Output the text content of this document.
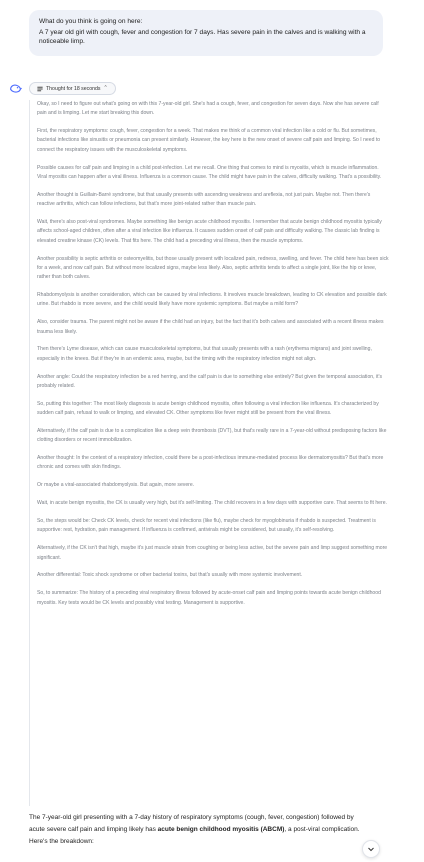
What do you think is going on here:

A 7 year old girl with cough, fever and congestion for 7 days. Has severe pain in the calves and is walking with a noticeable limp.

Thought for 18 seconds ⌃

Okay, so I need to figure out what's going on with this 7-year-old girl. She's had a cough, fever, and congestion for seven days. Now she has severe calf pain and is limping. Let me start breaking this down.

First, the respiratory symptoms: cough, fever, congestion for a week. That makes me think of a common viral infection like a cold or flu. But sometimes, bacterial infections like sinusitis or pneumonia can present similarly. However, the key here is the new onset of severe calf pain and limping. So I need to connect the respiratory issues with the musculoskeletal symptoms.

Possible causes for calf pain and limping in a child post-infection. Let me recall. One thing that comes to mind is myositis, which is muscle inflammation. Viral myositis can happen after a viral illness. Influenza is a common cause. The child might have pain in the calves, difficulty walking. That's a possibility.

Another thought is Guillain-Barré syndrome, but that usually presents with ascending weakness and areflexia, not just pain. Maybe not. Then there's reactive arthritis, which can follow infections, but that's more joint-related rather than muscle pain.

Wait, there's also post-viral syndromes. Maybe something like benign acute childhood myositis. I remember that acute benign childhood myositis typically affects school-aged children, often after a viral infection like influenza. It causes sudden onset of calf pain and difficulty walking. The classic lab finding is elevated creatine kinase (CK) levels. That fits here. The child had a preceding viral illness, then the muscle symptoms.

Another possibility is septic arthritis or osteomyelitis, but those usually present with localized pain, redness, swelling, and fever. The child here has been sick for a week, and now calf pain. But without more localized signs, maybe less likely. Also, septic arthritis tends to affect a single joint, like the hip or knee, rather than both calves.

Rhabdomyolysis is another consideration, which can be caused by viral infections. It involves muscle breakdown, leading to CK elevation and possible dark urine. But rhabdo is more severe, and the child would likely have more systemic symptoms. But maybe a mild form?

Also, consider trauma. The parent might not be aware if the child had an injury, but the fact that it's both calves and associated with a recent illness makes trauma less likely.

Then there's Lyme disease, which can cause musculoskeletal symptoms, but that usually presents with a rash (erythema migrans) and joint swelling, especially in the knees. But if they're in an endemic area, maybe, but the timing with the respiratory infection might not align.

Another angle: Could the respiratory infection be a red herring, and the calf pain is due to something else entirely? But given the temporal association, it's probably related.

So, putting this together: The most likely diagnosis is acute benign childhood myositis, often following a viral infection like influenza. It's characterized by sudden calf pain, refusal to walk or limping, and elevated CK. Other symptoms like fever might still be present from the viral illness.

Alternatively, if the calf pain is due to a complication like a deep vein thrombosis (DVT), but that's really rare in a 7-year-old without predisposing factors like clotting disorders or recent immobilization.

Another thought: In the context of a respiratory infection, could there be a post-infectious immune-mediated process like dermatomyositis? But that's more chronic and comes with skin findings.

Or maybe a viral-associated rhabdomyolysis. But again, more severe.

Wait, in acute benign myositis, the CK is usually very high, but it's self-limiting. The child recovers in a few days with supportive care. That seems to fit here.

So, the steps would be: Check CK levels, check for recent viral infections (like flu), maybe check for myoglobinuria if rhabdo is suspected. Treatment is supportive: rest, hydration, pain management. If influenza is confirmed, antivirals might be considered, but usually, it's self-resolving.

Alternatively, if the CK isn't that high, maybe it's just muscle strain from coughing or being less active, but the severe pain and limp suggest something more significant.

Another differential: Toxic shock syndrome or other bacterial toxins, but that's usually with more systemic involvement.

So, to summarize: The history of a preceding viral respiratory illness followed by acute-onset calf pain and limping points towards acute benign childhood myositis. Key tests would be CK levels and possibly viral testing. Management is supportive.

The 7-year-old girl presenting with a 7-day history of respiratory symptoms (cough, fever, congestion) followed by acute severe calf pain and limping likely has acute benign childhood myositis (ABCM), a post-viral complication. Here's the breakdown:
